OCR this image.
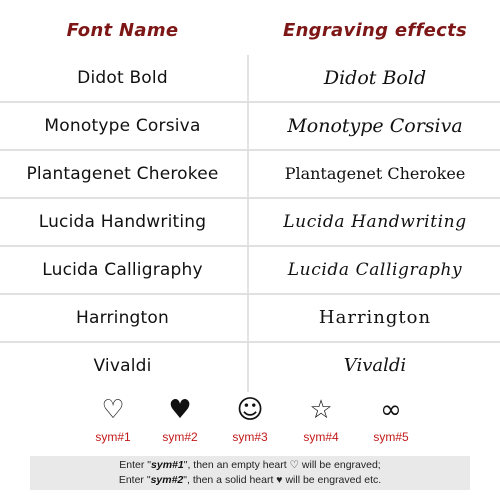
Font Name	Engraving effects
Didot Bold	Didot Bold
Monotype Corsiva	Monotype Corsiva
Plantagenet Cherokee	Plantagenet Cherokee
Lucida Handwriting	Lucida Handwriting
Lucida Calligraphy	Lucida Calligraphy
Harrington	Harrington
Vivaldi	Vivaldi
♡
sym#1
♥
sym#2
☺
sym#3
☆
sym#4
∞
sym#5
Enter "sym#1", then an empty heart ♡ will be engraved;
Enter "sym#2", then a solid heart ♥ will be engraved etc.
